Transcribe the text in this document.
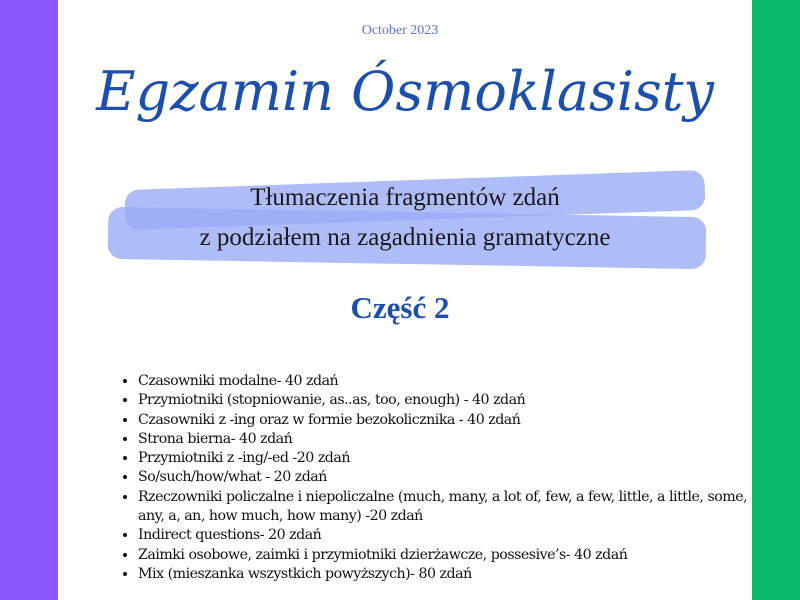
October 2023
Egzamin Ósmoklasisty
Tłumaczenia fragmentów zdań
z podziałem na zagadnienia gramatyczne
Część 2
• Czasowniki modalne- 40 zdań
• Przymiotniki (stopniowanie, as..as, too, enough) - 40 zdań
• Czasowniki z -ing oraz w formie bezokolicznika - 40 zdań
• Strona bierna- 40 zdań
• Przymiotniki z -ing/-ed -20 zdań
• So/such/how/what - 20 zdań
• Rzeczowniki policzalne i niepoliczalne (much, many, a lot of, few, a few, little, a little, some, any, a, an, how much, how many) -20 zdań
• Indirect questions- 20 zdań
• Zaimki osobowe, zaimki i przymiotniki dzierżawcze, possesive’s- 40 zdań
• Mix (mieszanka wszystkich powyższych)- 80 zdań
